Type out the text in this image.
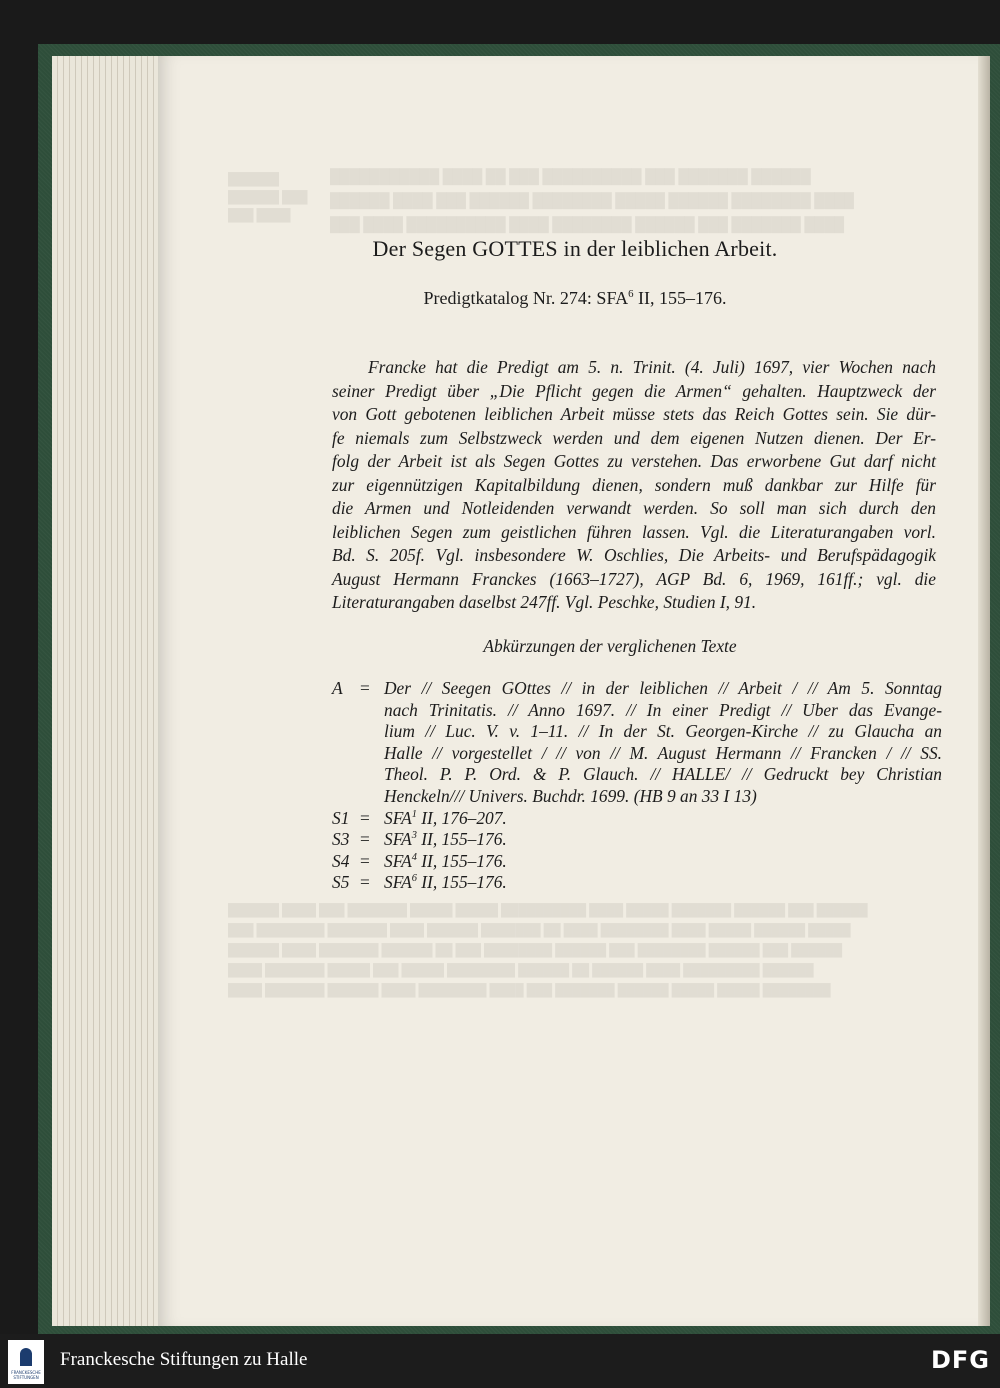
Der Segen GOTTES in der leiblichen Arbeit.

Predigtkatalog Nr. 274: SFA$^6$ II, 155–176.

Francke hat die Predigt am 5. n. Trinit. (4. Juli) 1697, vier Wochen nach
seiner Predigt über „Die Pflicht gegen die Armen“ gehalten. Hauptzweck der
von Gott gebotenen leiblichen Arbeit müsse stets das Reich Gottes sein. Sie dür-
fe niemals zum Selbstzweck werden und dem eigenen Nutzen dienen. Der Er-
folg der Arbeit ist als Segen Gottes zu verstehen. Das erworbene Gut darf nicht
zur eigennützigen Kapitalbildung dienen, sondern muß dankbar zur Hilfe für
die Armen und Notleidenden verwandt werden. So soll man sich durch den
leiblichen Segen zum geistlichen führen lassen. Vgl. die Literaturangaben vorl.
Bd. S. 205f. Vgl. insbesondere W. Oschlies, Die Arbeits- und Berufspädagogik
August Hermann Franckes (1663–1727), AGP Bd. 6, 1969, 161ff.; vgl. die
Literaturangaben daselbst 247ff. Vgl. Peschke, Studien I, 91.

Abkürzungen der verglichenen Texte

A = Der // Seegen GOttes // in der leiblichen // Arbeit / // Am 5. Sonntag
nach Trinitatis. // Anno 1697. // In einer Predigt // Uber das Evange-
lium // Luc. V. v. 1–11. // In der St. Georgen-Kirche // zu Glaucha an
Halle // vorgestellet / // von // M. August Hermann // Francken / // SS.
Theol. P. P. Ord. & P. Glauch. // HALLE/ // Gedruckt bey Christian
Henckeln/// Univers. Buchdr. 1699. (HB 9 an 33 I 13)
$S1 = SFA^1$ II, 176–207.
$S3 = SFA^3$ II, 155–176.
$S4 = SFA^4$ II, 155–176.
$S5 = SFA^6$ II, 155–176.
FRANCKESCHE STIFTUNGEN
Franckesche Stiftungen zu Halle	DFG
